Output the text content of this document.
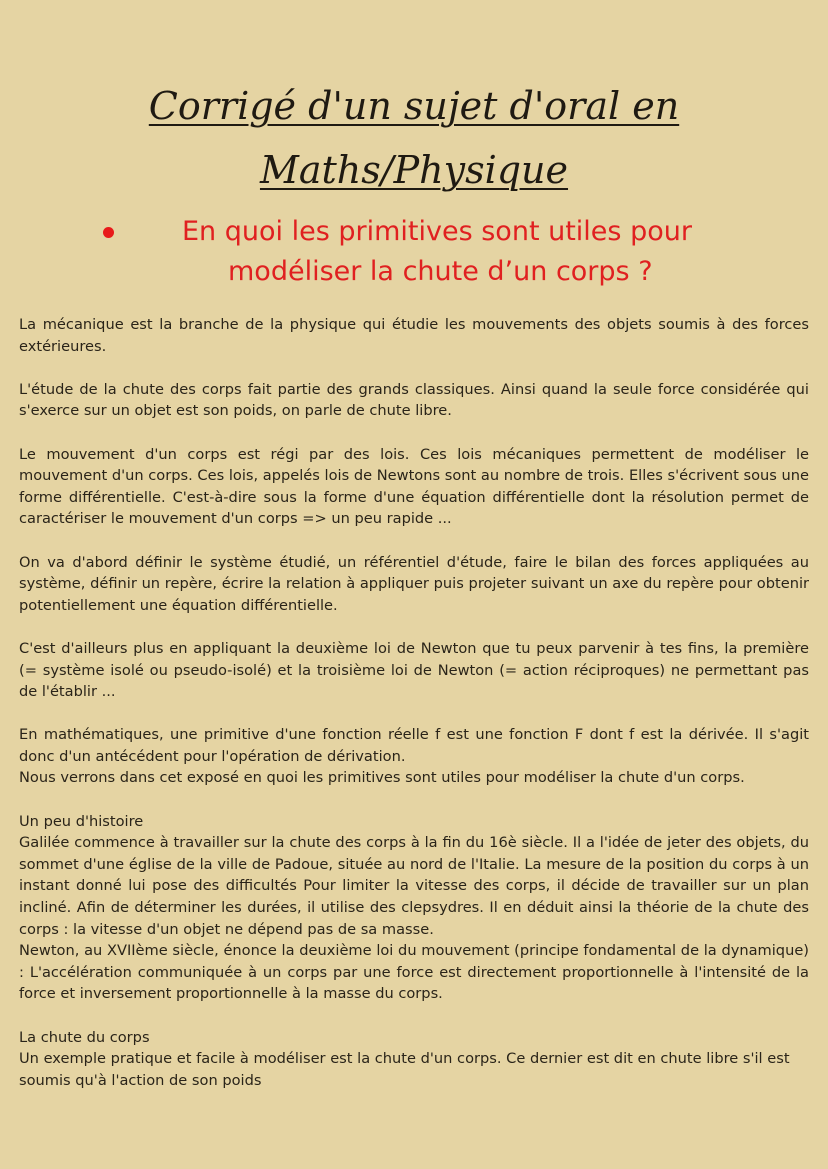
Corrigé d'un sujet d'oral en
Maths/Physique
En quoi les primitives sont utiles pour
modéliser la chute d’un corps ?

La mécanique est la branche de la physique qui étudie les mouvements des objets soumis à des forces extérieures.

L'étude de la chute des corps fait partie des grands classiques. Ainsi quand la seule force considérée qui s'exerce sur un objet est son poids, on parle de chute libre.

Le mouvement d'un corps est régi par des lois. Ces lois mécaniques permettent de modéliser le mouvement d'un corps. Ces lois, appelés lois de Newtons sont au nombre de trois. Elles s'écrivent sous une forme différentielle. C'est-à-dire sous la forme d'une équation différentielle dont la résolution permet de caractériser le mouvement d'un corps => un peu rapide ...

On va d'abord définir le système étudié, un référentiel d'étude, faire le bilan des forces appliquées au système, définir un repère, écrire la relation à appliquer puis projeter suivant un axe du repère pour obtenir potentiellement une équation différentielle.

C'est d'ailleurs plus en appliquant la deuxième loi de Newton que tu peux parvenir à tes fins, la première (= système isolé ou pseudo-isolé) et la troisième loi de Newton (= action réciproques) ne permettant pas de l'établir ...

En mathématiques, une primitive d'une fonction réelle f est une fonction F dont f est la dérivée. Il s'agit donc d'un antécédent pour l'opération de dérivation.

Nous verrons dans cet exposé en quoi les primitives sont utiles pour modéliser la chute d'un corps.

Un peu d'histoire

Galilée commence à travailler sur la chute des corps à la fin du 16è siècle. Il a l'idée de jeter des objets, du sommet d'une église de la ville de Padoue, située au nord de l'Italie. La mesure de la position du corps à un instant donné lui pose des difficultés Pour limiter la vitesse des corps, il décide de travailler sur un plan incliné. Afin de déterminer les durées, il utilise des clepsydres. Il en déduit ainsi la théorie de la chute des corps : la vitesse d'un objet ne dépend pas de sa masse.

Newton, au XVIIème siècle, énonce la deuxième loi du mouvement (principe fondamental de la dynamique) : L'accélération communiquée à un corps par une force est directement proportionnelle à l'intensité de la force et inversement proportionnelle à la masse du corps.

La chute du corps

Un exemple pratique et facile à modéliser est la chute d'un corps. Ce dernier est dit en chute libre s'il est soumis qu'à l'action de son poids
